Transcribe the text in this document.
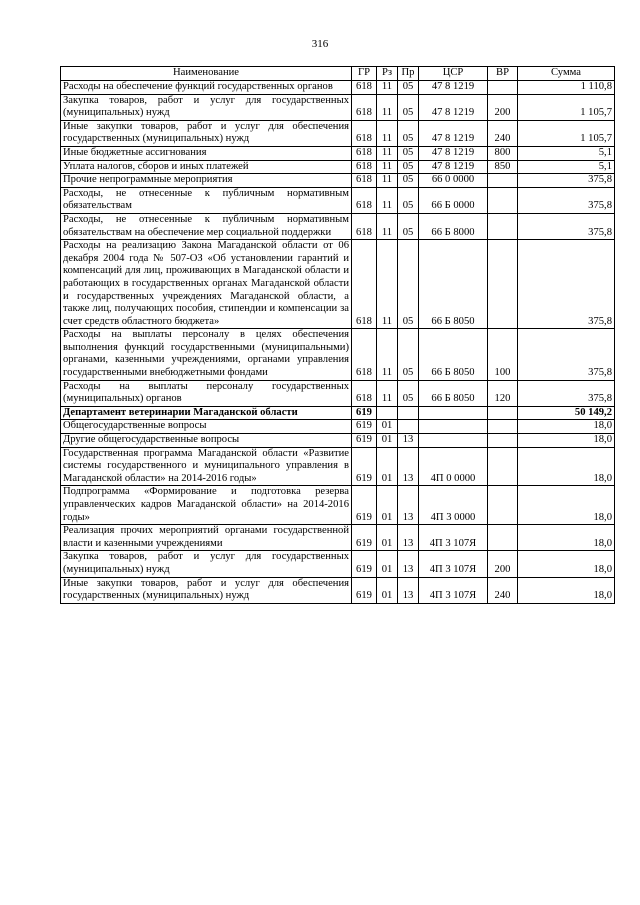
316
Наименование	ГР	Рз	Пр	ЦСР	ВР	Сумма
Расходы на обеспечение функций государственных органов	618	11	05	47 8 1219		1 110,8
Закупка товаров, работ и услуг для государственных (муниципальных) нужд	618	11	05	47 8 1219	200	1 105,7
Иные закупки товаров, работ и услуг для обеспечения государственных (муниципальных) нужд	618	11	05	47 8 1219	240	1 105,7
Иные бюджетные ассигнования	618	11	05	47 8 1219	800	5,1
Уплата налогов, сборов и иных платежей	618	11	05	47 8 1219	850	5,1
Прочие непрограммные мероприятия	618	11	05	66 0 0000		375,8
Расходы, не отнесенные к публичным нормативным обязательствам	618	11	05	66 Б 0000		375,8
Расходы, не отнесенные к публичным нормативным обязательствам на обеспечение мер социальной поддержки	618	11	05	66 Б 8000		375,8
Расходы на реализацию Закона Магаданской области от 06 декабря 2004 года № 507-ОЗ «Об установлении гарантий и компенсаций для лиц, проживающих в Магаданской области и работающих в государственных органах Магаданской области и государственных учреждениях Магаданской области, а также лиц, получающих пособия, стипендии и компенсации за счет средств областного бюджета»	618	11	05	66 Б 8050		375,8
Расходы на выплаты персоналу в целях обеспечения выполнения функций государственными (муниципальными) органами, казенными учреждениями, органами управления государственными внебюджетными фондами	618	11	05	66 Б 8050	100	375,8
Расходы на выплаты персоналу государственных (муниципальных) органов	618	11	05	66 Б 8050	120	375,8
Департамент ветеринарии Магаданской области	619					50 149,2
Общегосударственные вопросы	619	01				18,0
Другие общегосударственные вопросы	619	01	13			18,0
Государственная программа Магаданской области «Развитие системы государственного и муниципального управления в Магаданской области» на 2014-2016 годы»	619	01	13	4П 0 0000		18,0
Подпрограмма «Формирование и подготовка резерва управленческих кадров Магаданской области» на 2014-2016 годы»	619	01	13	4П 3 0000		18,0
Реализация прочих мероприятий органами государственной власти и казенными учреждениями	619	01	13	4П 3 107Я		18,0
Закупка товаров, работ и услуг для государственных (муниципальных) нужд	619	01	13	4П 3 107Я	200	18,0
Иные закупки товаров, работ и услуг для обеспечения государственных (муниципальных) нужд	619	01	13	4П 3 107Я	240	18,0
